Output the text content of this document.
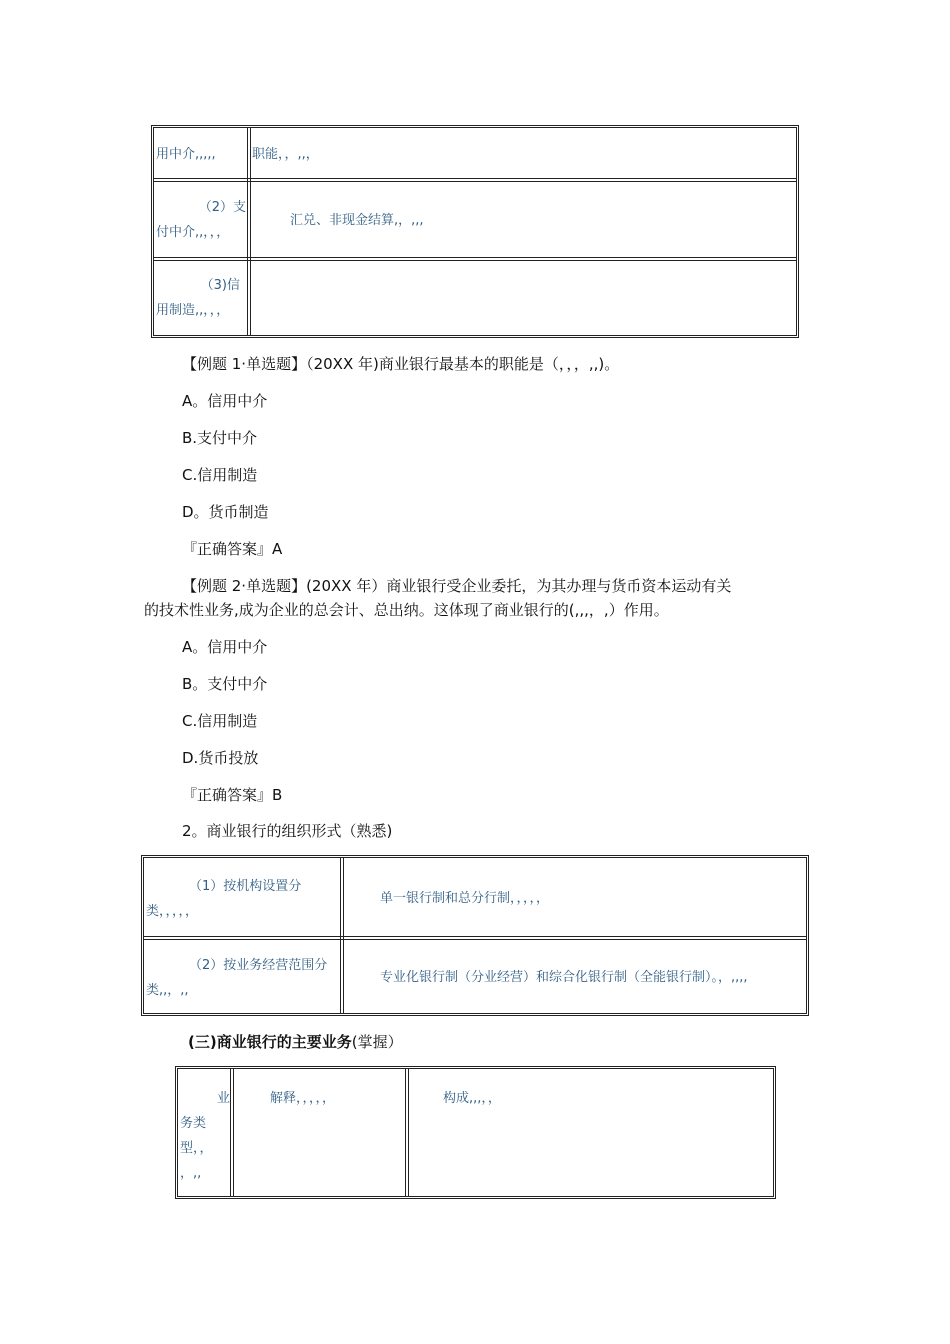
用中介,,,,,	职能，，,,，
（2）支
付中介,,，，，
汇兑、非现金结算,，,,,
（3)信
用制造,,，，，
【例题 1·单选题】（20XX 年)商业银行最基本的职能是（，，，,,)。
A。信用中介
B.支付中介
C.信用制造
D。货币制造
『正确答案』A
【例题 2·单选题】(20XX 年）商业银行受企业委托，为其办理与货币资本运动有关
的技术性业务,成为企业的总会计、总出纳。这体现了商业银行的(,,,，,）作用。
A。信用中介
B。支付中介
C.信用制造
D.货币投放
『正确答案』B
2。商业银行的组织形式（熟悉)
（1）按机构设置分
类，，，，，
单一银行制和总分行制，，，，，
（2）按业务经营范围分
类,,，,,
专业化银行制（分业经营）和综合化银行制（全能银行制）。，,,,,
(三)商业银行的主要业务(掌握）
业
务类
型，，
，,,
解释，，，，，	构成,,,，，
